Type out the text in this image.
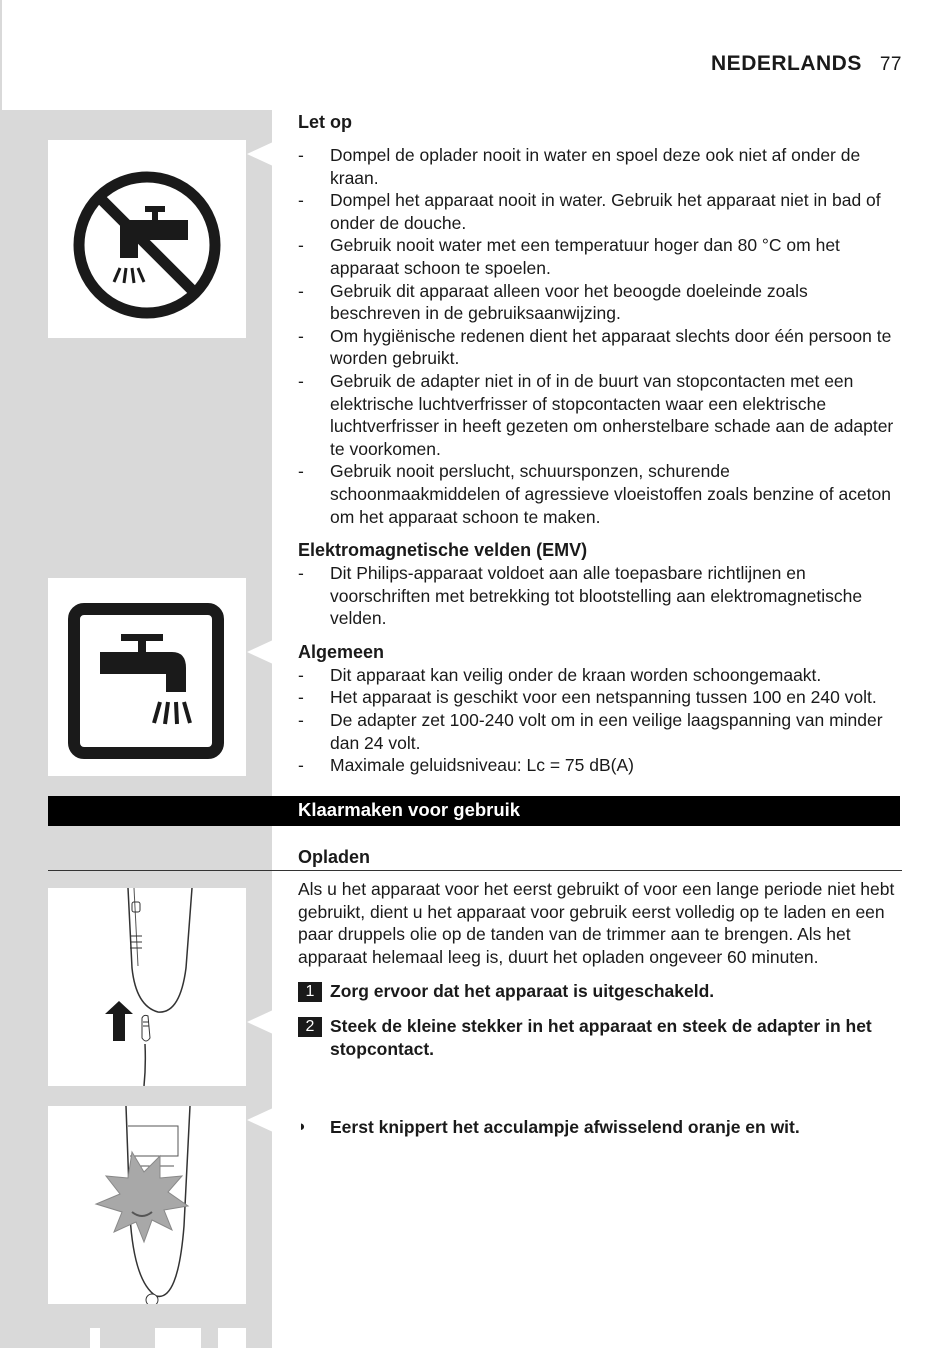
NEDERLANDS 77
Let op
- Dompel de oplader nooit in water en spoel deze ook niet af onder de kraan.
- Dompel het apparaat nooit in water. Gebruik het apparaat niet in bad of onder de douche.
- Gebruik nooit water met een temperatuur hoger dan 80 °C om het apparaat schoon te spoelen.
- Gebruik dit apparaat alleen voor het beoogde doeleinde zoals beschreven in de gebruiksaanwijzing.
- Om hygiënische redenen dient het apparaat slechts door één persoon te worden gebruikt.
- Gebruik de adapter niet in of in de buurt van stopcontacten met een elektrische luchtverfrisser of stopcontacten waar een elektrische luchtverfrisser in heeft gezeten om onherstelbare schade aan de adapter te voorkomen.
- Gebruik nooit perslucht, schuursponzen, schurende schoonmaakmiddelen of agressieve vloeistoffen zoals benzine of aceton om het apparaat schoon te maken.
Elektromagnetische velden (EMV)
- Dit Philips-apparaat voldoet aan alle toepasbare richtlijnen en voorschriften met betrekking tot blootstelling aan elektromagnetische velden.
Algemeen
- Dit apparaat kan veilig onder de kraan worden schoongemaakt.
- Het apparaat is geschikt voor een netspanning tussen 100 en 240 volt.
- De adapter zet 100-240 volt om in een veilige laagspanning van minder dan 24 volt.
- Maximale geluidsniveau: Lc = 75 dB(A)
Klaarmaken voor gebruik
Opladen
Als u het apparaat voor het eerst gebruikt of voor een lange periode niet hebt gebruikt, dient u het apparaat voor gebruik eerst volledig op te laden en een paar druppels olie op de tanden van de trimmer aan te brengen. Als het apparaat helemaal leeg is, duurt het opladen ongeveer 60 minuten.
1 Zorg ervoor dat het apparaat is uitgeschakeld.
2 Steek de kleine stekker in het apparaat en steek de adapter in het stopcontact.
◗ Eerst knippert het acculampje afwisselend oranje en wit.
